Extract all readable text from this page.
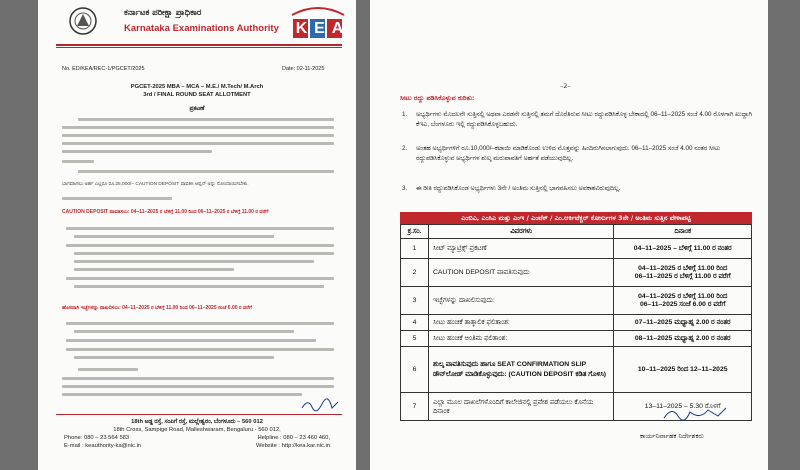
ಕರ್ನಾಟಕ ಪರೀಕ್ಷಾ ಪ್ರಾಧಿಕಾರ
Karnataka Examinations Authority K E A
No. ED/KEA/REC-1/PGCET/2025	Date: 02-11-2025
PGCET-2025 MBA – MCA – M.E./ M.Tech/ M.Arch
3rd / FINAL ROUND SEAT ALLOTMENT
ಪ್ರಕಟಣೆ
ಭಾಗವಹಿಸಲು ಅರ್ಹ ಎಲ್ಲರೂ ರೂ.25,000/– CAUTION DEPOSIT ಪಾವತಿಸಿ ಆಪ್ಷನ್ ಅನ್ನು ನೋಂದಾಯಿಸಬೇಕು.
CAUTION DEPOSIT ಪಾವತಿಸಲು: 04–11–2025 ರ ಬೆಳಿಗ್ಗೆ 11.00 ರಿಂದ 06–11–2025 ರ ಬೆಳಿಗ್ಗೆ 11.00 ರ ವರೆಗೆ
ಹೊಸದಾಗಿ ಇಚ್ಛೆಗಳನ್ನು ದಾಖಲಿಸಲು: 04–11–2025 ರ ಬೆಳಿಗ್ಗೆ 11.00 ರಿಂದ 06–11–2025 ಸಂಜೆ 6.00 ರ ವರೆಗೆ
18th ಅಡ್ಡ ರಸ್ತೆ, ಸಂಪಿಗೆ ರಸ್ತೆ, ಮಲ್ಲೇಶ್ವರಂ, ಬೆಂಗಳೂರು – 560 012
18th Cross, Sampige Road, Malleshwaram, Bengaluru - 560 012,
Phone: 080 – 23 564 583	Helpline : 080 – 23 460 460,
E-mail : keauthority-ka@nic.in	Website : http://kea.kar.nic.in
–2–
ಸೀಟು ರದ್ದು ಪಡಿಸಿಕೊಳ್ಳುವ ಕುರಿತು:
1. ಅಭ್ಯರ್ಥಿಗಳು ಮೊದಲನೇ ಸುತ್ತಿನಲ್ಲಿ ಅಥವಾ ಎರಡನೇ ಸುತ್ತಿನಲ್ಲಿ ತಮಗೆ ದೊರೆತಿರುವ ಸೀಟು ರದ್ದುಪಡಿಸಿಕೊಳ್ಳ ಬೇಕಾದಲ್ಲಿ 06–11–2025 ಸಂಜೆ 4.00 ರೊಳಗಾಗಿ ಖುದ್ದಾಗಿ ಕೆಇಎ, ಬೆಂಗಳೂರು ಇಲ್ಲಿ ರದ್ದುಪಡಿಸಿಕೊಳ್ಳಬಹುದು.
2. ಅಂತಹ ಅಭ್ಯರ್ಥಿಗಳಿಗೆ ರೂ.10,000/–ಕಟಾಯಿ ಮಾಡಿಕೊಂಡು ಉಳಿದ ಮೊತ್ತವನ್ನು ಹಿಂದಿರುಗಿಸಲಾಗುವುದು. 06–11–2025 ಸಂಜೆ 4.00 ನಂತರ ಸೀಟು ರದ್ದುಪಡಿಸಿಕೊಳ್ಳುವ ಅಭ್ಯರ್ಥಿಗಳ ಶುಲ್ಕ ಮರುಪಾವತಿಗೆ ಅರ್ಹತೆ ಪಡೆಯುವುದಿಲ್ಲ.
3. ಈ ರೀತಿ ರದ್ದುಪಡಿಸಿಕೊಂಡ ಅಭ್ಯರ್ಥಿಗಳು 3ನೇ / ಅಂತಿಮ ಸುತ್ತಿನಲ್ಲಿ ಭಾಗವಹಿಸಲು ಅವಕಾಶವಿರುವುದಿಲ್ಲ.
ಎಂಬಿಎ, ಎಂಸಿಎ ಮತ್ತು ಎಂಇ / ಎಂಟೆಕ್ / ಎಂ.ಆರ್ಕಿಟೆಕ್ಚರ್ ಕೋರ್ಸುಗಳ 3ನೇ / ಅಂತಿಮ ಸುತ್ತಿನ ವೇಳಾಪಟ್ಟಿ
ಕ್ರ.ಸಂ.	ವಿವರಗಳು	ದಿನಾಂಕ
1	ಸೀಟ್ ಮ್ಯಾಟ್ರಿಕ್ಸ್ ಪ್ರಕಟಣೆ	04–11–2025 – ಬೆಳಿಗ್ಗೆ 11.00 ರ ನಂತರ
2	CAUTION DEPOSIT ಪಾವತಿಸುವುದು	04–11–2025 ರ ಬೆಳಿಗ್ಗೆ 11.00 ರಿಂದ
06–11–2025 ರ ಬೆಳಿಗ್ಗೆ 11.00 ರ ವರೆಗೆ

3	ಇಚ್ಛೆಗಳನ್ನು ದಾಖಲಿಸುವುದು:	04–11–2025 ರ ಬೆಳಿಗ್ಗೆ 11.00 ರಿಂದ
06–11–2025 ಸಂಜೆ 6.00 ರ ವರೆಗೆ

4	ಸೀಟು ಹಂಚಿಕೆ ತಾತ್ಕಾಲಿಕ ಫಲಿತಾಂಶ:	07–11–2025 ಮಧ್ಯಾಹ್ನ 2.00 ರ ನಂತರ
5	ಸೀಟು ಹಂಚಿಕೆ ಅಂತಿಮ ಫಲಿತಾಂಶ:	08–11–2025 ಮಧ್ಯಾಹ್ನ 2.00 ರ ನಂತರ
6	ಶುಲ್ಕ ಪಾವತಿಸುವುದು ಹಾಗೂ SEAT CONFIRMATION SLIP ಡೌನ್‌ಲೋಡ್ ಮಾಡಿಕೊಳ್ಳುವುದು: (CAUTION DEPOSIT ಕಡಿತ ಗೊಳಿಸಿ)	10–11–2025 ರಿಂದ 12–11–2025
7	ಎಲ್ಲಾ ಮೂಲ ದಾಖಲೆಗಳೊಂದಿಗೆ ಕಾಲೇಜಿನಲ್ಲಿ ಪ್ರವೇಶ ಪಡೆಯಲು ಕೊನೆಯ ದಿನಾಂಕ	13–11–2025 – 5.30 ರೊಳಗೆ
ಕಾರ್ಯನಿರ್ವಾಹಕ ನಿರ್ದೇಶಕರು
